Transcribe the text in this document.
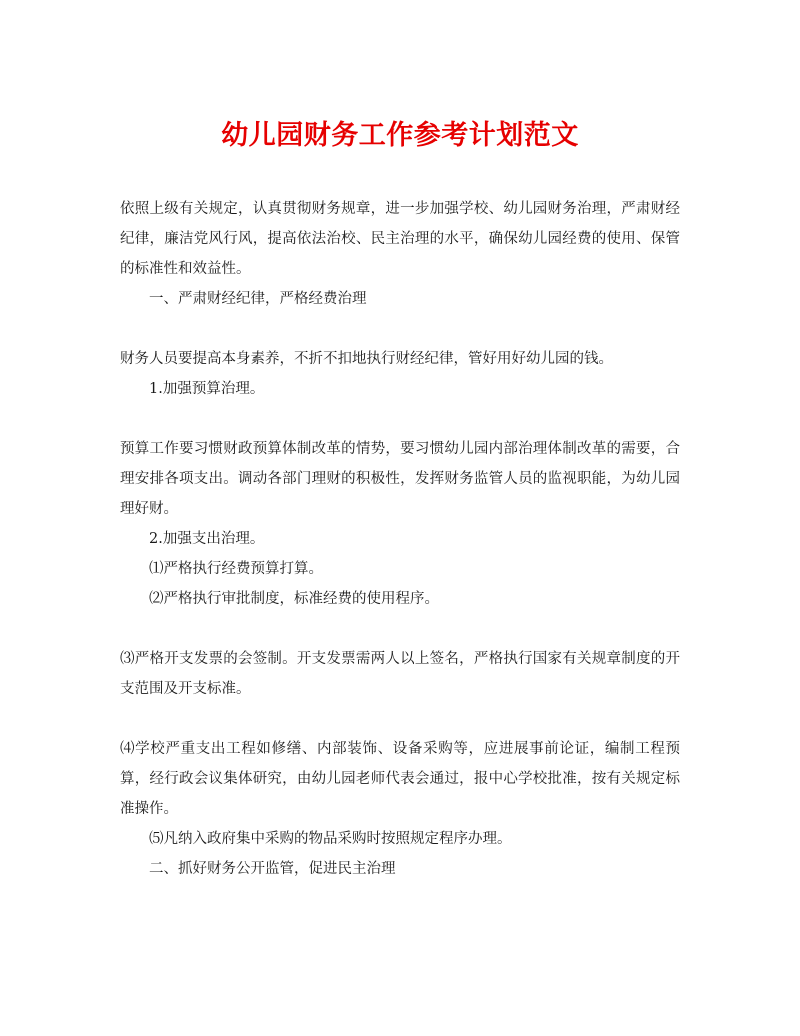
幼儿园财务工作参考计划范文

依照上级有关规定，认真贯彻财务规章，进一步加强学校、幼儿园财务治理，严肃财经纪律，廉洁党风行风，提高依法治校、民主治理的水平，确保幼儿园经费的使用、保管的标准性和效益性。

一、严肃财经纪律，严格经费治理

财务人员要提高本身素养，不折不扣地执行财经纪律，管好用好幼儿园的钱。

1.加强预算治理。

预算工作要习惯财政预算体制改革的情势，要习惯幼儿园内部治理体制改革的需要，合理安排各项支出。调动各部门理财的积极性，发挥财务监管人员的监视职能，为幼儿园理好财。

2.加强支出治理。

⑴严格执行经费预算打算。

⑵严格执行审批制度，标准经费的使用程序。

⑶严格开支发票的会签制。开支发票需两人以上签名，严格执行国家有关规章制度的开支范围及开支标准。

⑷学校严重支出工程如修缮、内部装饰、设备采购等，应进展事前论证，编制工程预算，经行政会议集体研究，由幼儿园老师代表会通过，报中心学校批准，按有关规定标准操作。

⑸凡纳入政府集中采购的物品采购时按照规定程序办理。

二、抓好财务公开监管，促进民主治理
